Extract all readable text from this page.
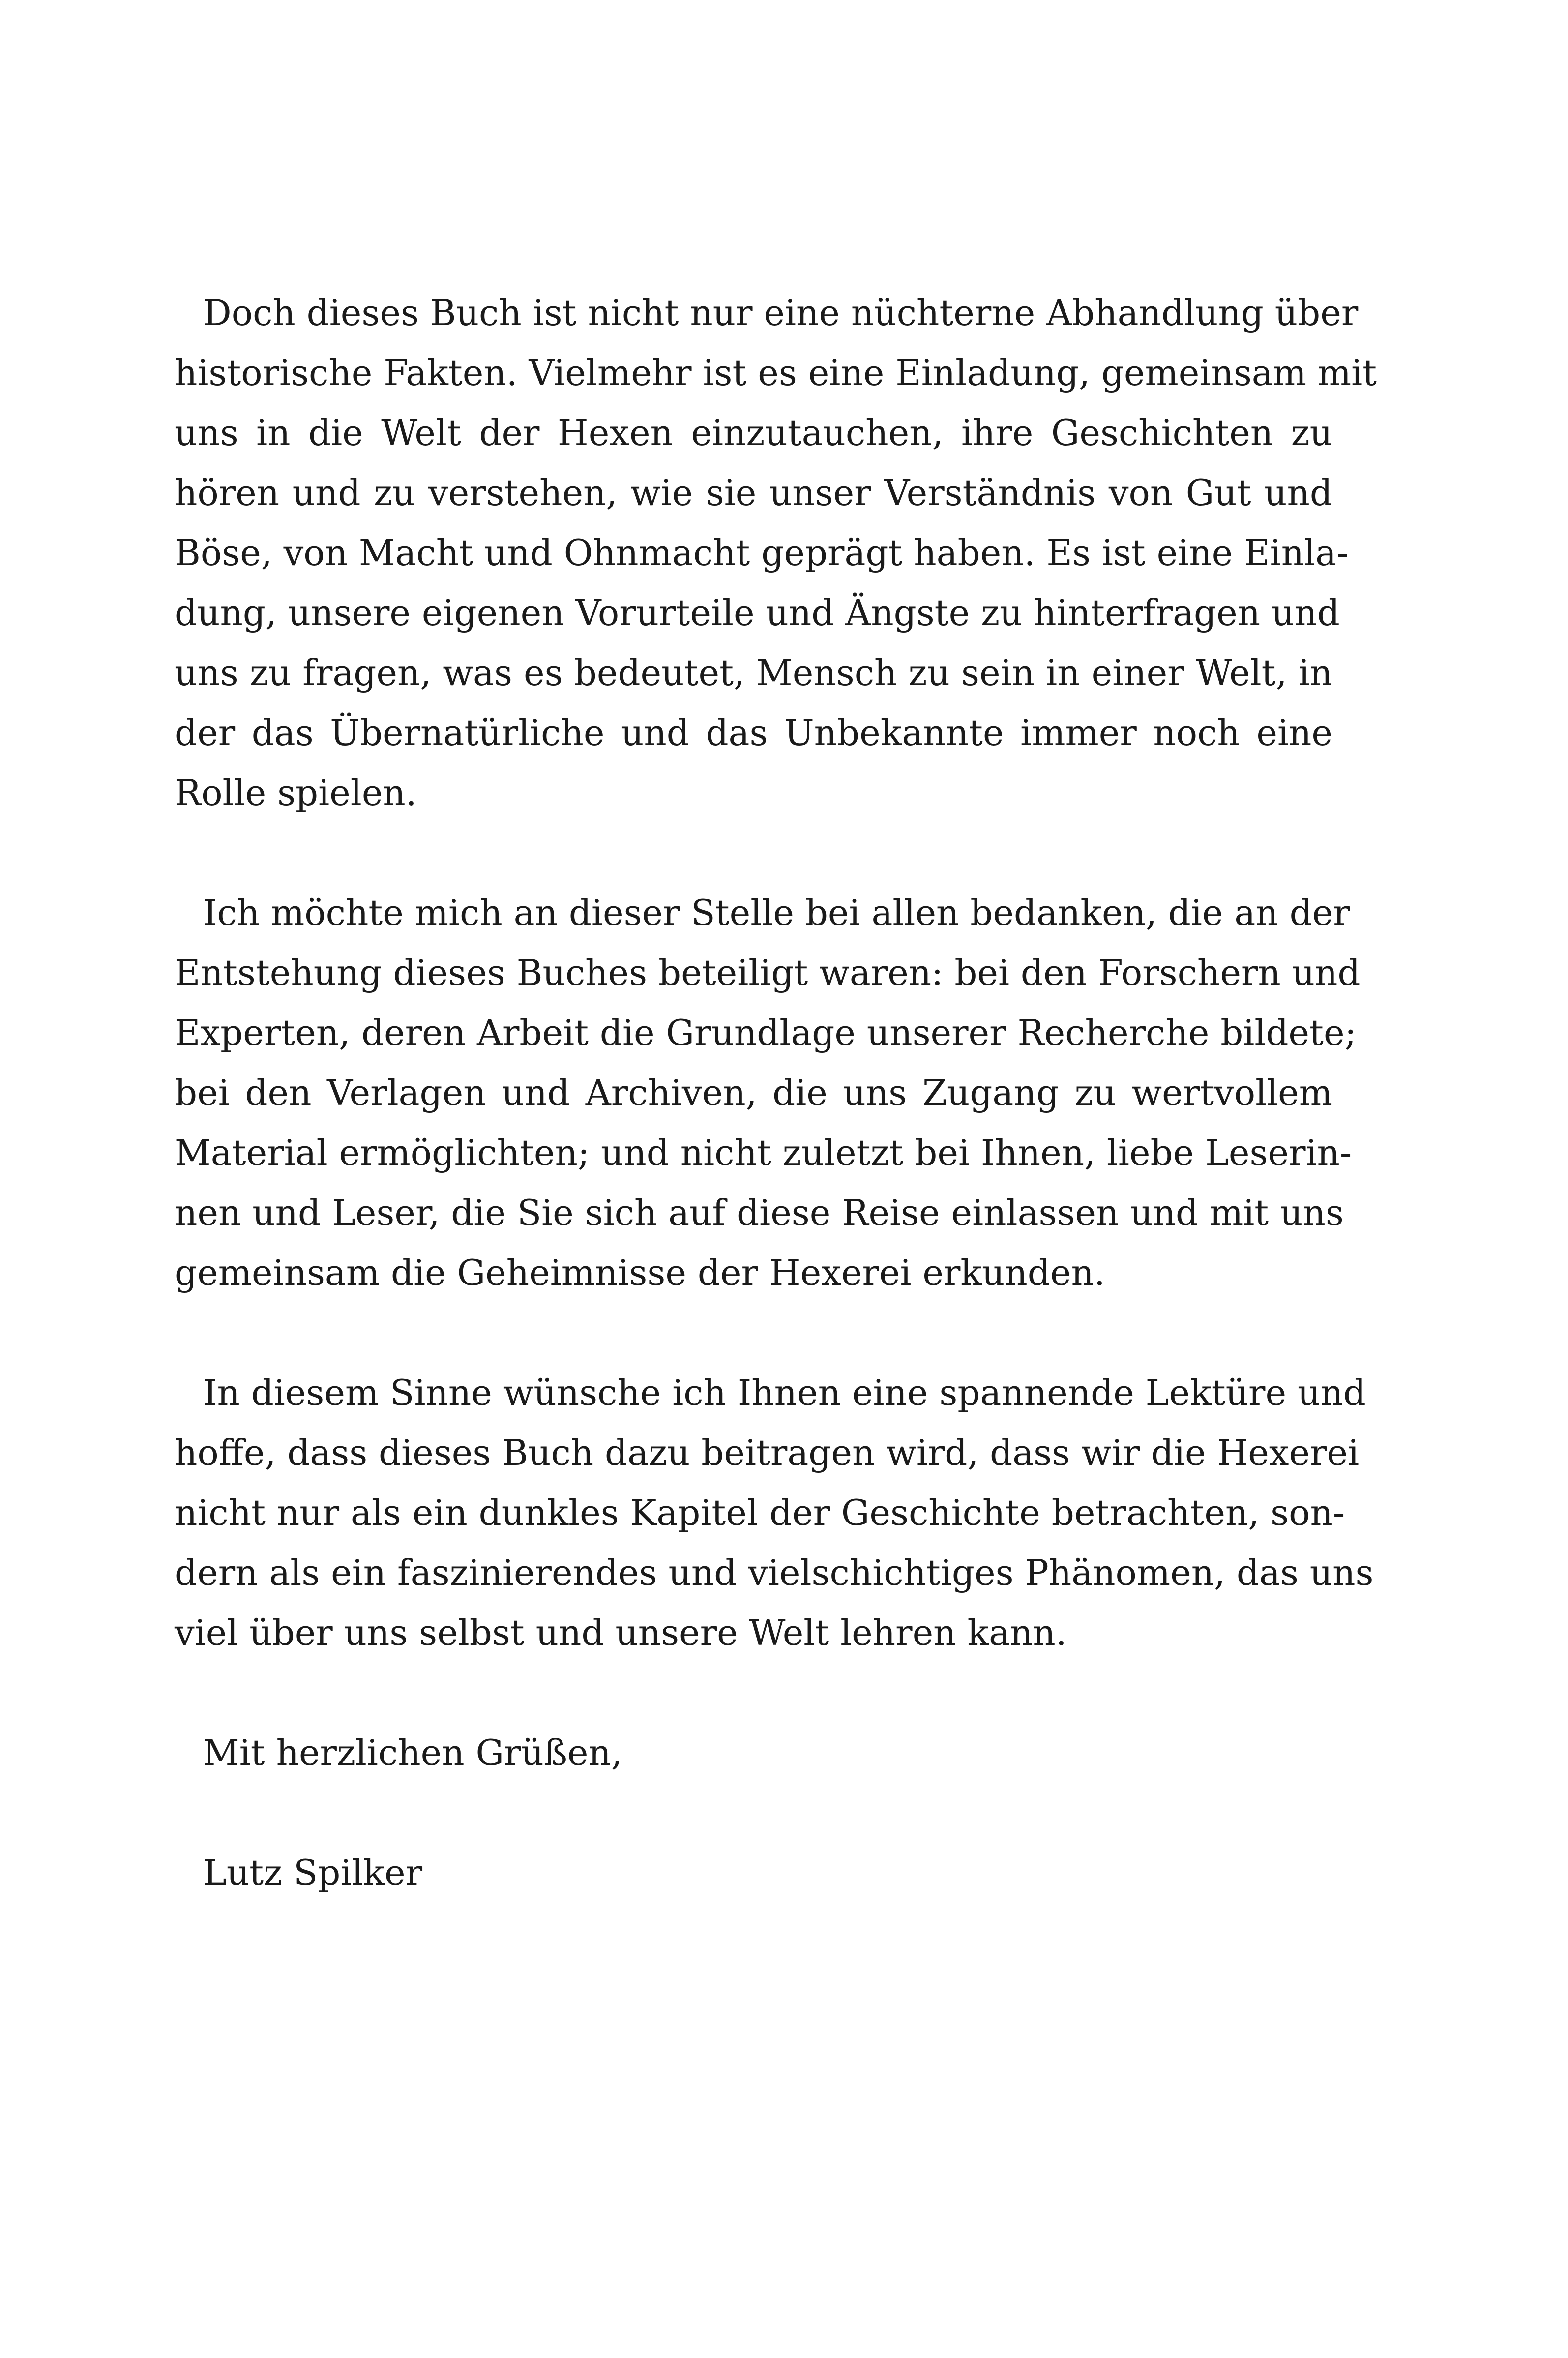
Doch dieses Buch ist nicht nur eine nüchterne Abhandlung über
historische Fakten. Vielmehr ist es eine Einladung, gemeinsam mit
uns in die Welt der Hexen einzutauchen, ihre Geschichten zu
hören und zu verstehen, wie sie unser Verständnis von Gut und
Böse, von Macht und Ohnmacht geprägt haben. Es ist eine Einla-
dung, unsere eigenen Vorurteile und Ängste zu hinterfragen und
uns zu fragen, was es bedeutet, Mensch zu sein in einer Welt, in
der das Übernatürliche und das Unbekannte immer noch eine
Rolle spielen.
Ich möchte mich an dieser Stelle bei allen bedanken, die an der
Entstehung dieses Buches beteiligt waren: bei den Forschern und
Experten, deren Arbeit die Grundlage unserer Recherche bildete;
bei den Verlagen und Archiven, die uns Zugang zu wertvollem
Material ermöglichten; und nicht zuletzt bei Ihnen, liebe Leserin-
nen und Leser, die Sie sich auf diese Reise einlassen und mit uns
gemeinsam die Geheimnisse der Hexerei erkunden.
In diesem Sinne wünsche ich Ihnen eine spannende Lektüre und
hoffe, dass dieses Buch dazu beitragen wird, dass wir die Hexerei
nicht nur als ein dunkles Kapitel der Geschichte betrachten, son-
dern als ein faszinierendes und vielschichtiges Phänomen, das uns
viel über uns selbst und unsere Welt lehren kann.
Mit herzlichen Grüßen,
Lutz Spilker
